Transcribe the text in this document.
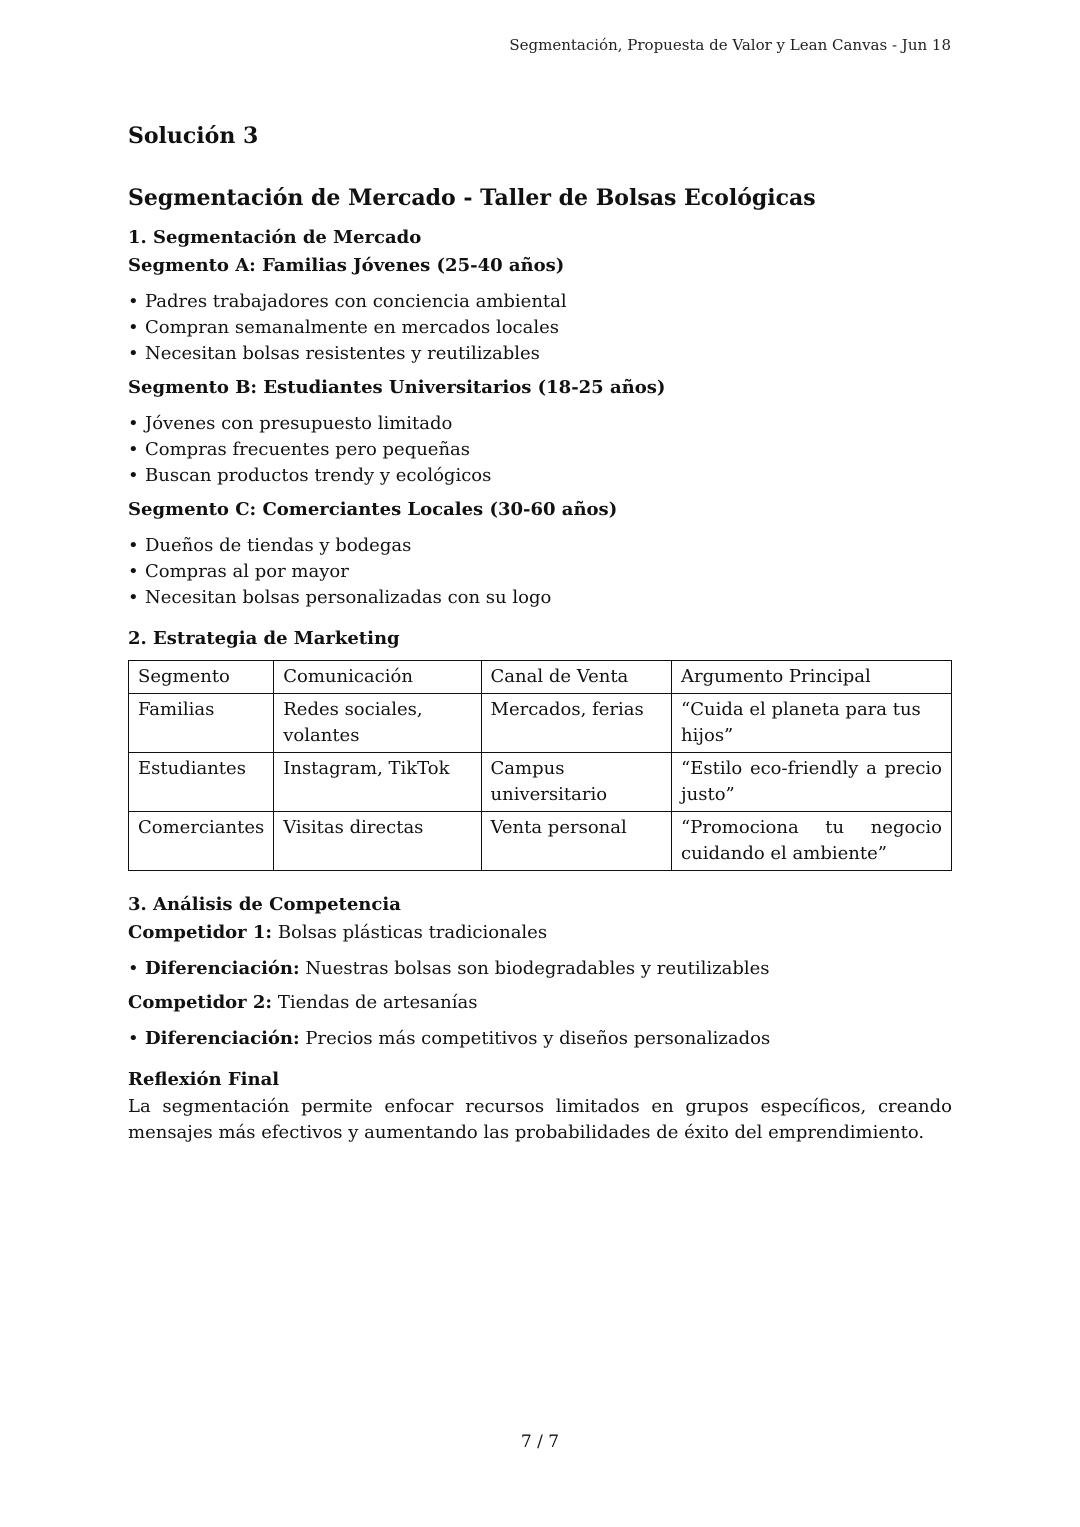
Segmentación, Propuesta de Valor y Lean Canvas - Jun 18
Solución 3
Segmentación de Mercado - Taller de Bolsas Ecológicas
1. Segmentación de Mercado
Segmento A: Familias Jóvenes (25-40 años)
• Padres trabajadores con conciencia ambiental
• Compran semanalmente en mercados locales
• Necesitan bolsas resistentes y reutilizables
Segmento B: Estudiantes Universitarios (18-25 años)
• Jóvenes con presupuesto limitado
• Compras frecuentes pero pequeñas
• Buscan productos trendy y ecológicos
Segmento C: Comerciantes Locales (30-60 años)
• Dueños de tiendas y bodegas
• Compras al por mayor
• Necesitan bolsas personalizadas con su logo
2. Estrategia de Marketing
Segmento	Comunicación	Canal de Venta	Argumento Principal
Familias	Redes sociales, volantes	Mercados, ferias	“Cuida el planeta para tus hijos”
Estudiantes	Instagram, TikTok	Campus universitario	“Estilo eco-friendly a precio justo”
Comerciantes	Visitas directas	Venta personal	“Promociona tu negocio cuidando el ambiente”
3. Análisis de Competencia

Competidor 1: Bolsas plásticas tradicionales

• Diferenciación: Nuestras bolsas son biodegradables y reutilizables

Competidor 2: Tiendas de artesanías

• Diferenciación: Precios más competitivos y diseños personalizados
Reflexión Final

La segmentación permite enfocar recursos limitados en grupos específicos, creando mensajes más efectivos y aumentando las probabilidades de éxito del emprendimiento.

7 / 7
